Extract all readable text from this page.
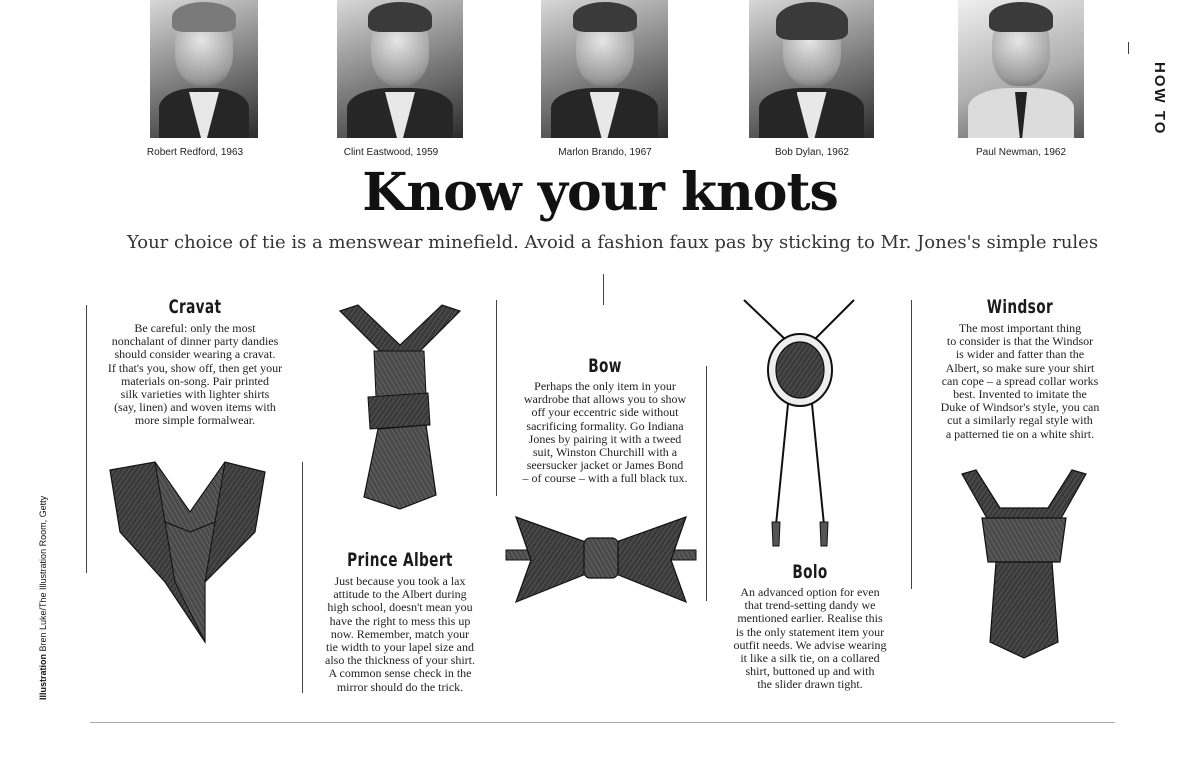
Robert Redford, 1963	Clint Eastwood, 1959	Marlon Brando, 1967	Bob Dylan, 1962	Paul Newman, 1962
HOW TO
Know your knots
Your choice of tie is a menswear minefield. Avoid a fashion faux pas by sticking to Mr. Jones's simple rules
Cravat
Be careful: only the most
nonchalant of dinner party dandies
should consider wearing a cravat.
If that's you, show off, then get your
materials on-song. Pair printed
silk varieties with lighter shirts
(say, linen) and woven items with
more simple formalwear.
Prince Albert
Just because you took a lax
attitude to the Albert during
high school, doesn't mean you
have the right to mess this up
now. Remember, match your
tie width to your lapel size and
also the thickness of your shirt.
A common sense check in the
mirror should do the trick.
Bow
Perhaps the only item in your
wardrobe that allows you to show
off your eccentric side without
sacrificing formality. Go Indiana
Jones by pairing it with a tweed
suit, Winston Churchill with a
seersucker jacket or James Bond
– of course – with a full black tux.
Bolo
An advanced option for even
that trend-setting dandy we
mentioned earlier. Realise this
is the only statement item your
outfit needs. We advise wearing
it like a silk tie, on a collared
shirt, buttoned up and with
the slider drawn tight.
Windsor
The most important thing
to consider is that the Windsor
is wider and fatter than the
Albert, so make sure your shirt
can cope – a spread collar works
best. Invented to imitate the
Duke of Windsor's style, you can
cut a similarly regal style with
a patterned tie on a white shirt.
Illustration Bren Luke/The Illustration Room, Getty
